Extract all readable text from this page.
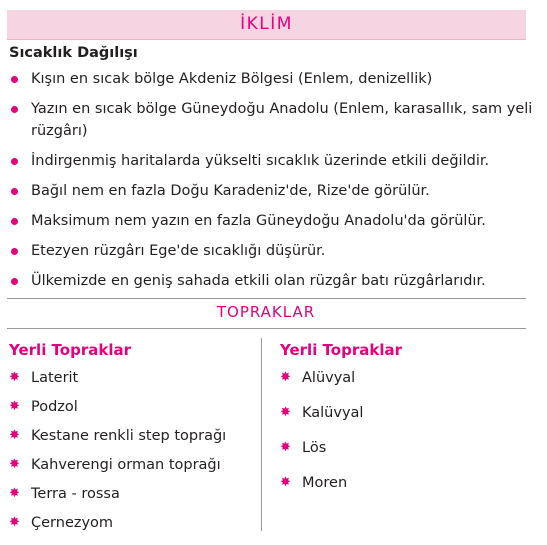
İKLİM
Sıcaklık Dağılışı
Kışın en sıcak bölge Akdeniz Bölgesi (Enlem, denizellik)
Yazın en sıcak bölge Güneydoğu Anadolu (Enlem, karasallık, sam yeli rüzgârı)
İndirgenmiş haritalarda yükselti sıcaklık üzerinde etkili değildir.
Bağıl nem en fazla Doğu Karadeniz'de, Rize'de görülür.
Maksimum nem yazın en fazla Güneydoğu Anadolu'da görülür.
Etezyen rüzgârı Ege'de sıcaklığı düşürür.
Ülkemizde en geniş sahada etkili olan rüzgâr batı rüzgârlarıdır.
TOPRAKLAR
Yerli Topraklar
✸ Laterit
✸ Podzol
✸ Kestane renkli step toprağı
✸ Kahverengi orman toprağı
✸ Terra - rossa
✸ Çernezyom
Yerli Topraklar
✸ Alüvyal
✸ Kalüvyal
✸ Lös
✸ Moren
